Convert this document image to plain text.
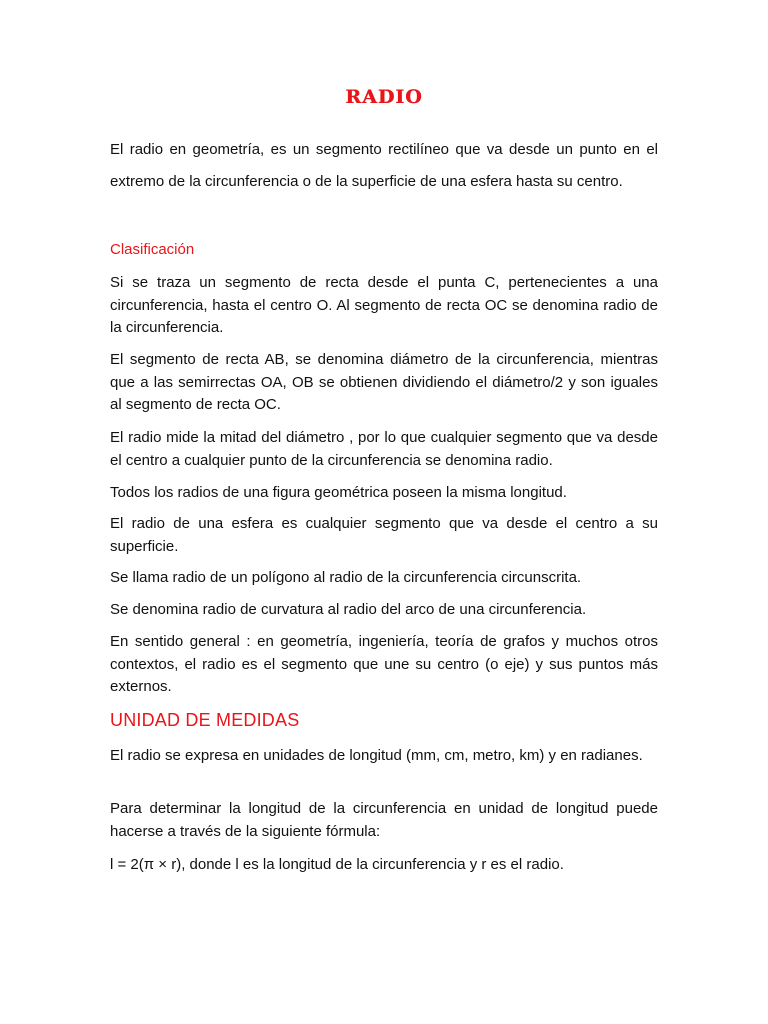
RADIO

El radio en geometría, es un segmento rectilíneo que va desde un punto en el extremo de la circunferencia o de la superficie de una esfera hasta su centro.

Clasificación

Si se traza un segmento de recta desde el punta C, pertenecientes a una circunferencia, hasta el centro O. Al segmento de recta OC se denomina radio de la circunferencia.

El segmento de recta AB, se denomina diámetro de la circunferencia, mientras que a las semirrectas OA, OB se obtienen dividiendo el diámetro/2 y son iguales al segmento de recta OC.

El radio mide la mitad del diámetro , por lo que cualquier segmento que va desde el centro a cualquier punto de la circunferencia se denomina radio.

Todos los radios de una figura geométrica poseen la misma longitud.

El radio de una esfera es cualquier segmento que va desde el centro a su superficie.

Se llama radio de un polígono al radio de la circunferencia circunscrita.

Se denomina radio de curvatura al radio del arco de una circunferencia.

En sentido general : en geometría, ingeniería, teoría de grafos y muchos otros contextos, el radio es el segmento que une su centro (o eje) y sus puntos más externos.

UNIDAD DE MEDIDAS

El radio se expresa en unidades de longitud (mm, cm, metro, km) y en radianes.

Para determinar la longitud de la circunferencia en unidad de longitud puede hacerse a través de la siguiente fórmula:

l = 2(π × r), donde l es la longitud de la circunferencia y r es el radio.
